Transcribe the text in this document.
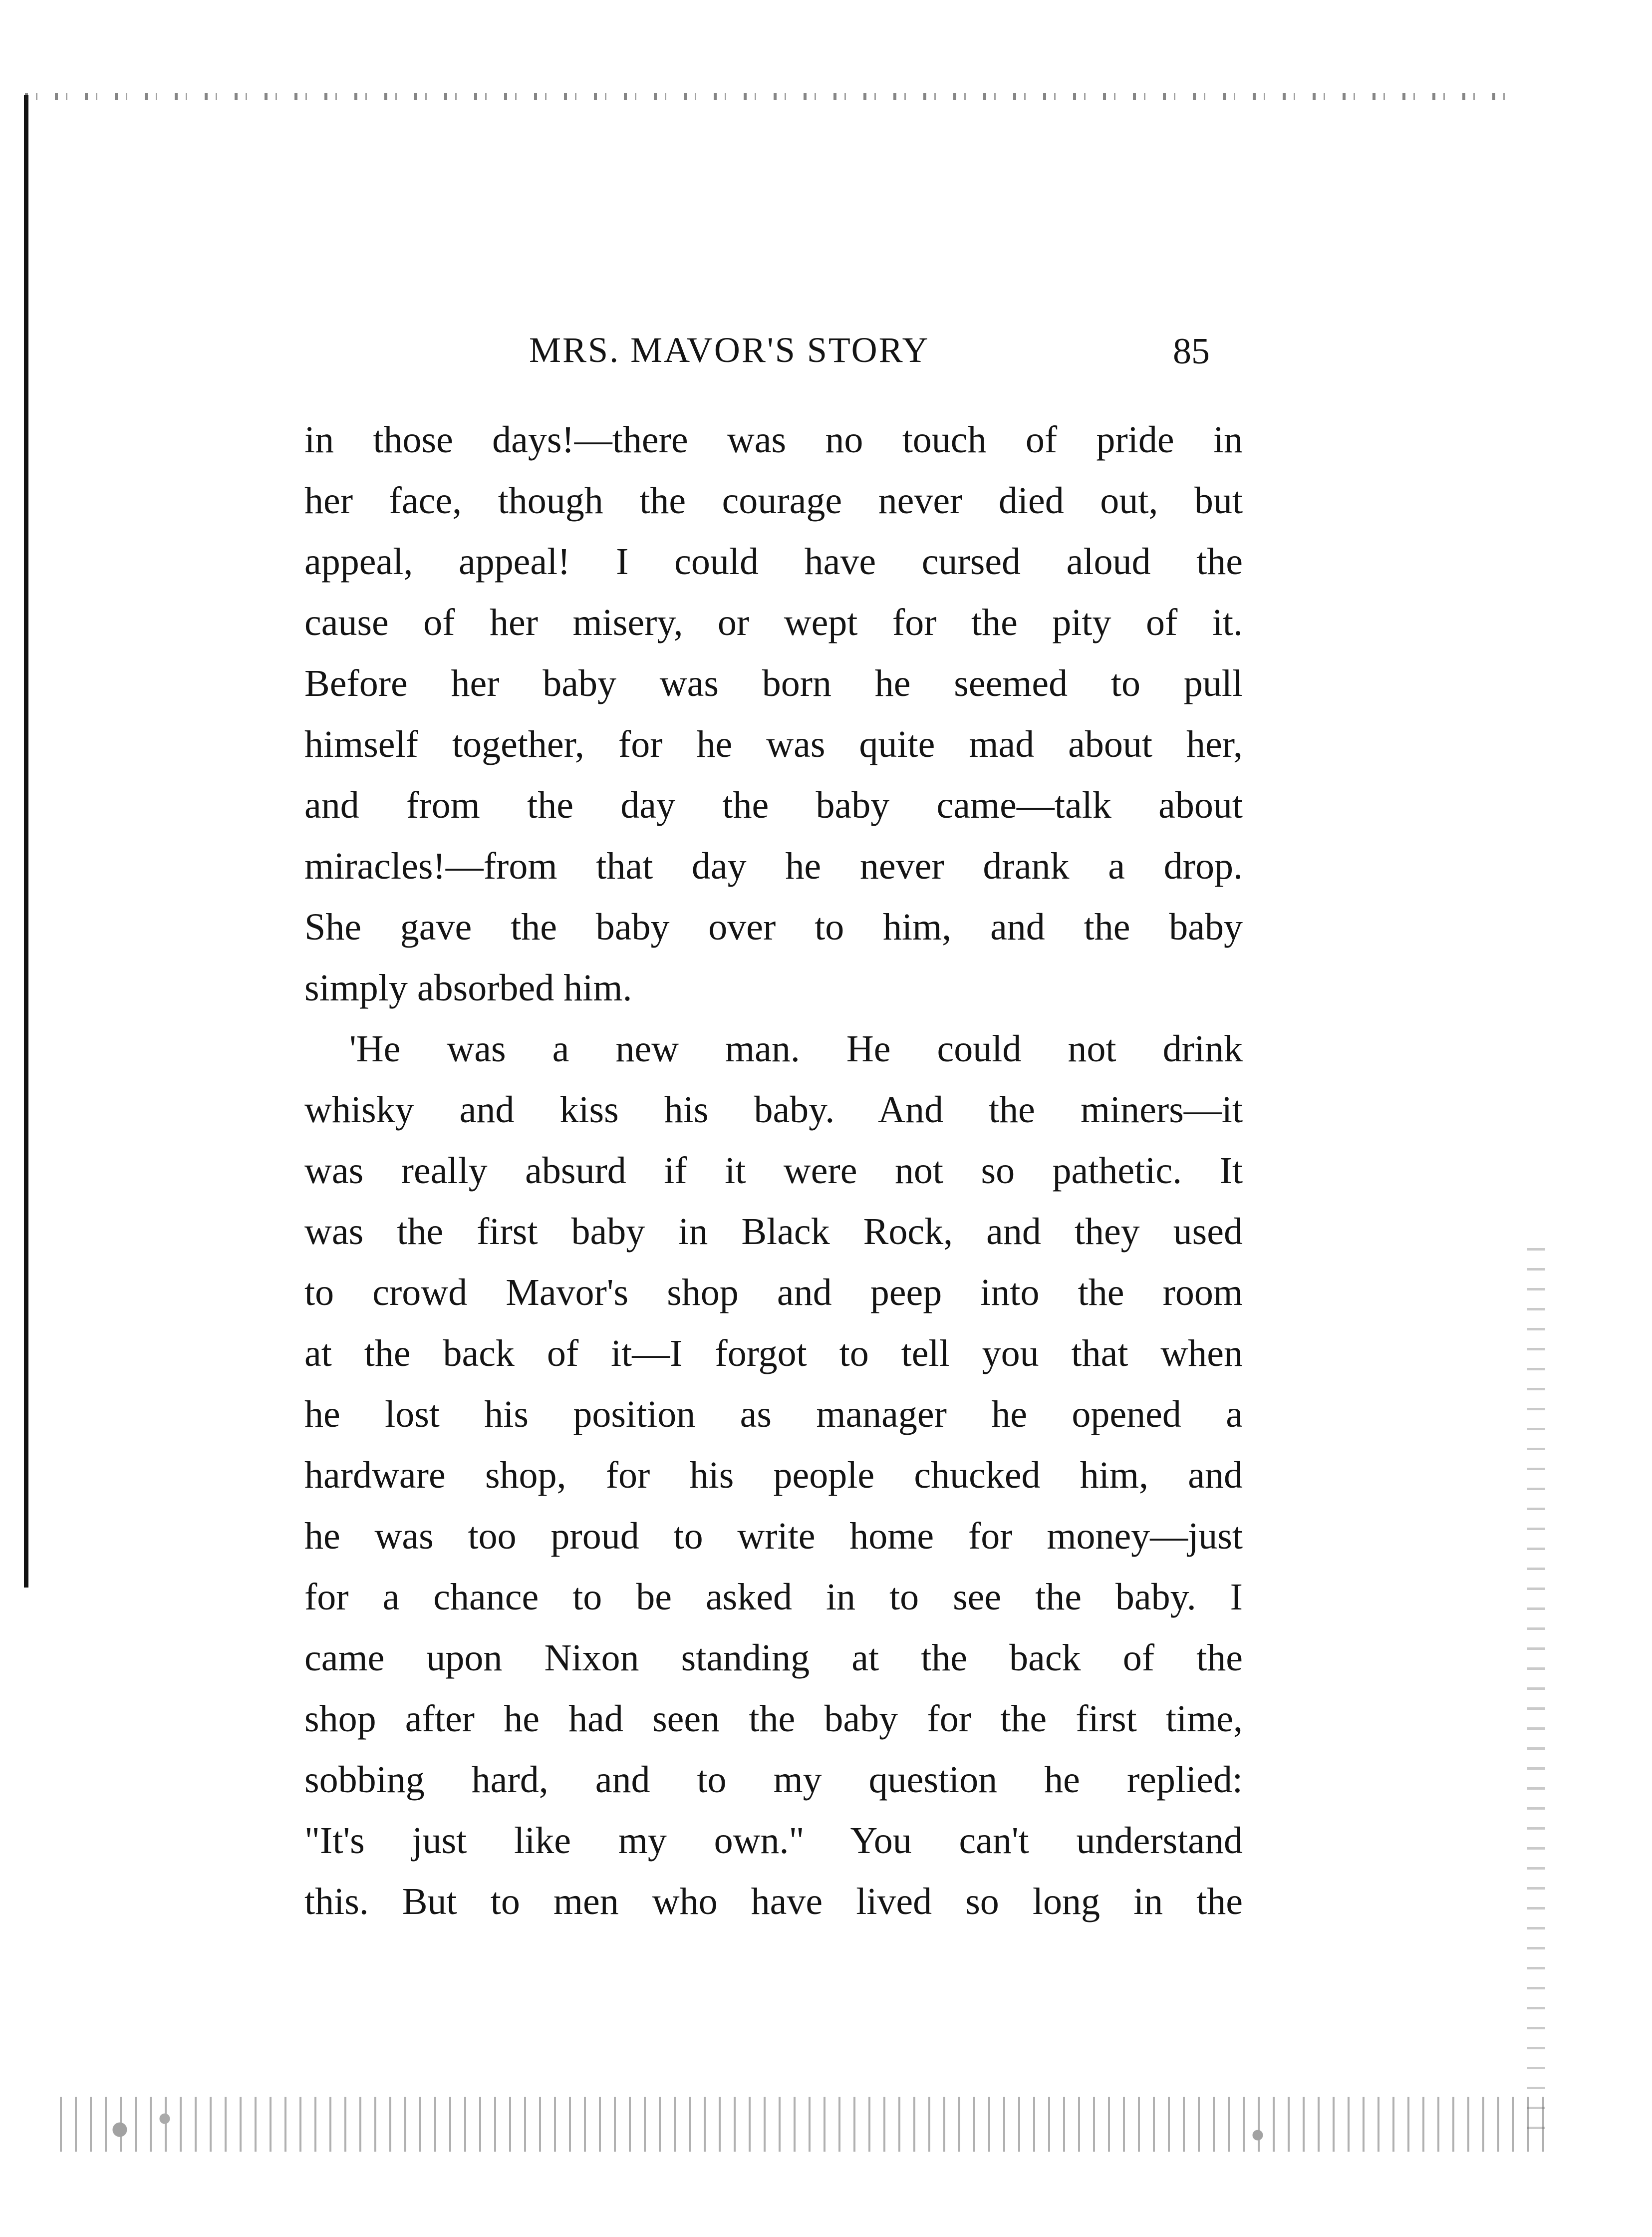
MRS. MAVOR'S STORY	85
in those days!—there was no touch of pride in
her face, though the courage never died out, but
appeal, appeal! I could have cursed aloud the
cause of her misery, or wept for the pity of it.
Before her baby was born he seemed to pull
himself together, for he was quite mad about her,
and from the day the baby came—talk about
miracles!—from that day he never drank a drop.
She gave the baby over to him, and the baby
simply absorbed him.
'He was a new man. He could not drink
whisky and kiss his baby. And the miners—it
was really absurd if it were not so pathetic. It
was the first baby in Black Rock, and they used
to crowd Mavor's shop and peep into the room
at the back of it—I forgot to tell you that when
he lost his position as manager he opened a
hardware shop, for his people chucked him, and
he was too proud to write home for money—just
for a chance to be asked in to see the baby. I
came upon Nixon standing at the back of the
shop after he had seen the baby for the first time,
sobbing hard, and to my question he replied:
"It's just like my own." You can't understand
this. But to men who have lived so long in the
